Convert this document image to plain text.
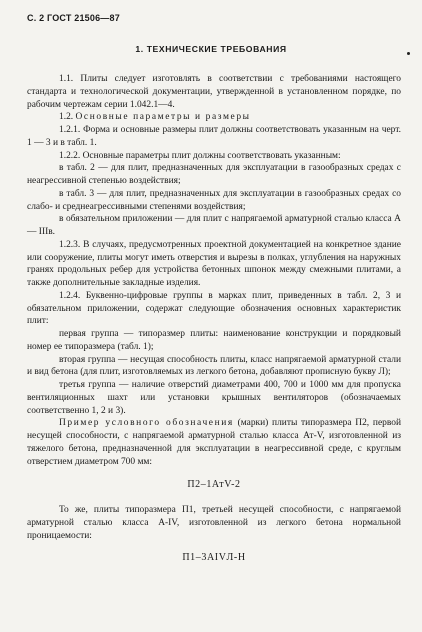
С. 2 ГОСТ 21506—87
1. ТЕХНИЧЕСКИЕ ТРЕБОВАНИЯ

1.1. Плиты следует изготовлять в соответствии с требованиями настоящего стандарта и технологической документации, утвержденной в установленном порядке, по рабочим чертежам серии 1.042.1—4.

1.2. Основные параметры и размеры

1.2.1. Форма и основные размеры плит должны соответствовать указанным на черт. 1 — 3 и в табл. 1.

1.2.2. Основные параметры плит должны соответствовать указанным:

в табл. 2 — для плит, предназначенных для эксплуатации в газообразных средах с неагрессивной степенью воздействия;

в табл. 3 — для плит, предназначенных для эксплуатации в газообразных средах со слабо- и среднеагрессивными степенями воздействия;

в обязательном приложении — для плит с напрягаемой арматурной сталью класса А — IIIв.

1.2.3. В случаях, предусмотренных проектной документацией на конкретное здание или сооружение, плиты могут иметь отверстия и вырезы в полках, углубления на наружных гранях продольных ребер для устройства бетонных шпонок между смежными плитами, а также дополнительные закладные изделия.

1.2.4. Буквенно-цифровые группы в марках плит, приведенных в табл. 2, 3 и обязательном приложении, содержат следующие обозначения основных характеристик плит:

первая группа — типоразмер плиты: наименование конструкции и порядковый номер ее типоразмера (табл. 1);

вторая группа — несущая способность плиты, класс напрягаемой арматурной стали и вид бетона (для плит, изготовляемых из легкого бетона, добавляют прописную букву Л);

третья группа — наличие отверстий диаметрами 400, 700 и 1000 мм для пропуска вентиляционных шахт или установки крышных вентиляторов (обозначаемых соответственно 1, 2 и 3).

Пример условного обозначения (марки) плиты типоразмера П2, первой несущей способности, с напрягаемой арматурной сталью класса Ат-V, изготовленной из тяжелого бетона, предназначенной для эксплуатации в неагрессивной среде, с круглым отверстием диаметром 700 мм:

П2–1АтV-2

То же, плиты типоразмера П1, третьей несущей способности, с напрягаемой арматурной сталью класса А-IV, изготовленной из легкого бетона нормальной проницаемости:

П1–3АIVЛ-Н
